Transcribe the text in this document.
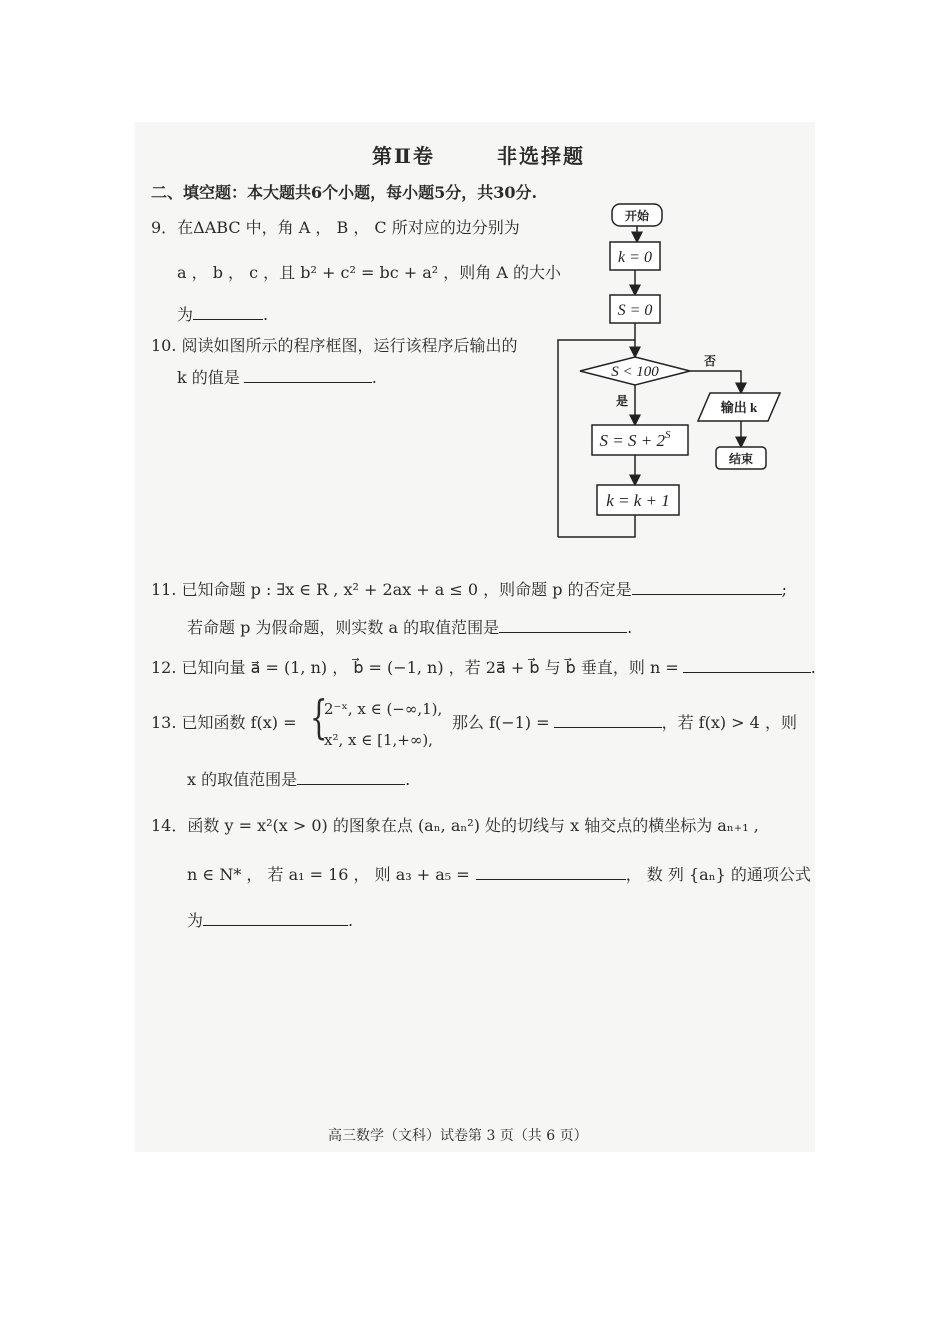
第Ⅱ卷	非选择题
二、填空题：本大题共6个小题，每小题5分，共30分.
9．在ΔABC 中，角 A ， B ， C 所对应的边分别为
a ， b ， c ，且 b² + c² = bc + a² ，则角 A 的大小
为	.
10. 阅读如图所示的程序框图，运行该程序后输出的
k 的值是	.
开始
k = 0
S = 0
S < 100
是
否
$S = S + 2^S$
k = k + 1
输出 k
结束
11. 已知命题 p : ∃x ∈ R , x² + 2ax + a ≤ 0 ，则命题 p 的否定是	;
若命题 p 为假命题，则实数 a 的取值范围是	.
12. 已知向量 a⃗ = (1, n) ， b⃗ = (−1, n) ，若 2a⃗ + b⃗ 与 b⃗ 垂直，则 n =	.
13. 已知函数 f(x) = {
2⁻ˣ, x ∈ (−∞,1),
x², x ∈ [1,+∞),
那么 f(−1) =	，若 f(x) > 4 ，则
x 的取值范围是	.
14．函数 y = x²(x > 0) 的图象在点 (aₙ, aₙ²) 处的切线与 x 轴交点的横坐标为 aₙ₊₁ ,
n ∈ N* ， 若 a₁ = 16 ， 则 a₃ + a₅ =	， 数 列 {aₙ} 的通项公式
为	.
高三数学（文科）试卷第 3 页（共 6 页）
